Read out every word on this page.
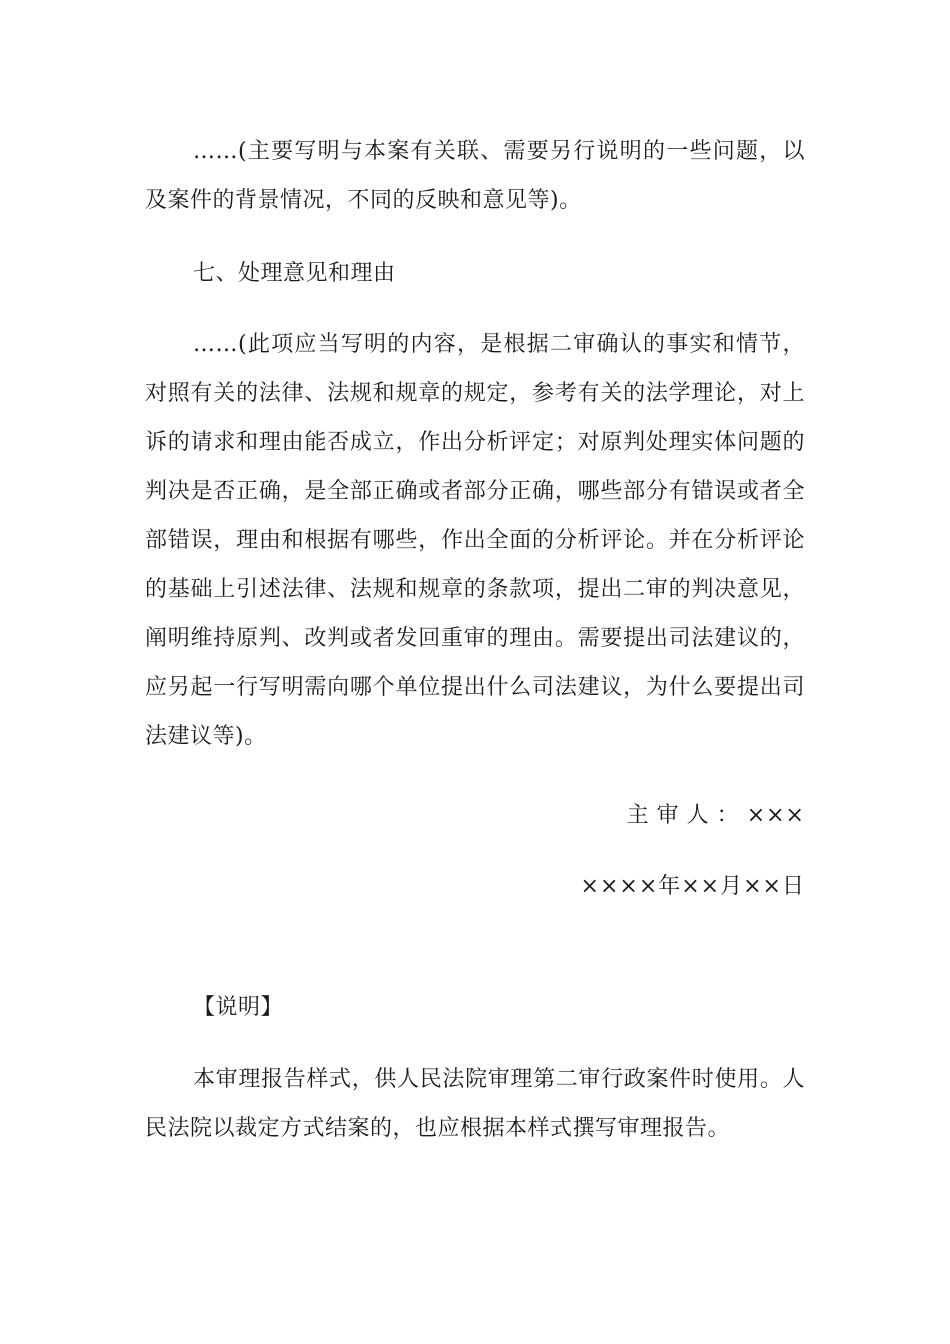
……(主要写明与本案有关联、需要另行说明的一些问题，以及案件的背景情况，不同的反映和意见等)。

七、处理意见和理由

……(此项应当写明的内容，是根据二审确认的事实和情节，对照有关的法律、法规和规章的规定，参考有关的法学理论，对上诉的请求和理由能否成立，作出分析评定；对原判处理实体问题的判决是否正确，是全部正确或者部分正确，哪些部分有错误或者全部错误，理由和根据有哪些，作出全面的分析评论。并在分析评论的基础上引述法律、法规和规章的条款项，提出二审的判决意见，阐明维持原判、改判或者发回重审的理由。需要提出司法建议的，应另起一行写明需向哪个单位提出什么司法建议，为什么要提出司法建议等)。

主审人：×××

××××年××月××日

【说明】

本审理报告样式，供人民法院审理第二审行政案件时使用。人民法院以裁定方式结案的，也应根据本样式撰写审理报告。
